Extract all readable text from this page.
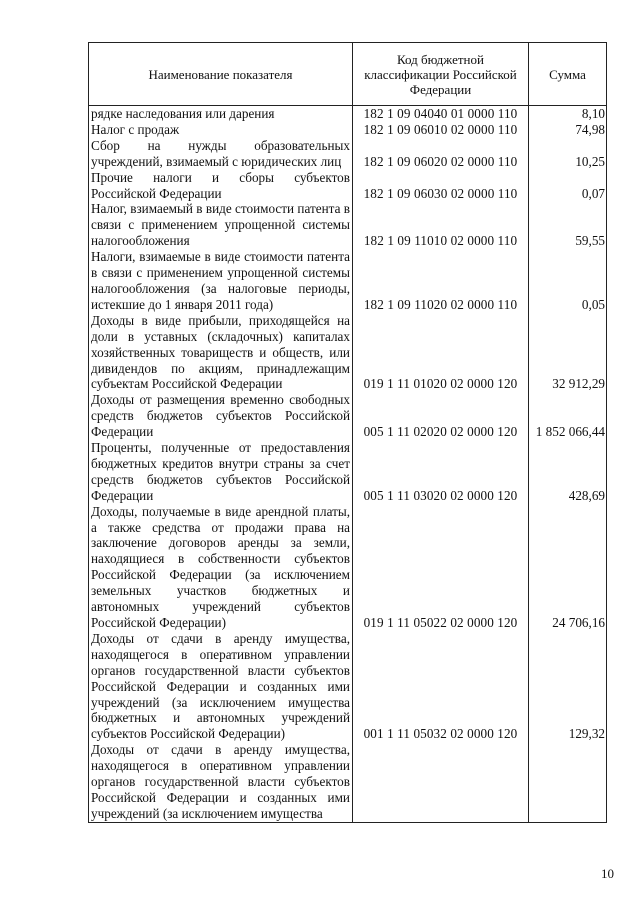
Наименование показателя	Код бюджетной классификации Российской Федерации	Сумма
рядке наследования или дарения	182 1 09 04040 01 0000 110	8,10
Налог с продаж	182 1 09 06010 02 0000 110	74,98
Сбор на нужды образовательных учреждений, взимаемый с юридических лиц	182 1 09 06020 02 0000 110	10,25
Прочие налоги и сборы субъектов Российской Федерации	182 1 09 06030 02 0000 110	0,07
Налог, взимаемый в виде стоимости патента в связи с применением упрощенной системы налогообложения	182 1 09 11010 02 0000 110	59,55
Налоги, взимаемые в виде стоимости патента в связи с применением упрощенной системы налогообложения (за налоговые периоды, истекшие до 1 января 2011 года)	182 1 09 11020 02 0000 110	0,05
Доходы в виде прибыли, приходящейся на доли в уставных (складочных) капиталах хозяйственных товариществ и обществ, или дивидендов по акциям, принадлежащим субъектам Российской Федерации	019 1 11 01020 02 0000 120	32 912,29
Доходы от размещения временно свободных средств бюджетов субъектов Российской Федерации	005 1 11 02020 02 0000 120	1 852 066,44
Проценты, полученные от предоставления бюджетных кредитов внутри страны за счет средств бюджетов субъектов Российской Федерации	005 1 11 03020 02 0000 120	428,69
Доходы, получаемые в виде арендной платы, а также средства от продажи права на заключение договоров аренды за земли, находящиеся в собственности субъектов Российской Федерации (за исключением земельных участков бюджетных и автономных учреждений субъектов Российской Федерации)	019 1 11 05022 02 0000 120	24 706,16
Доходы от сдачи в аренду имущества, находящегося в оперативном управлении органов государственной власти субъектов Российской Федерации и созданных ими учреждений (за исключением имущества бюджетных и автономных учреждений субъектов Российской Федерации)	001 1 11 05032 02 0000 120	129,32
Доходы от сдачи в аренду имущества, находящегося в оперативном управлении органов государственной власти субъектов Российской Федерации и созданных ими учреждений (за исключением имущества		
10
